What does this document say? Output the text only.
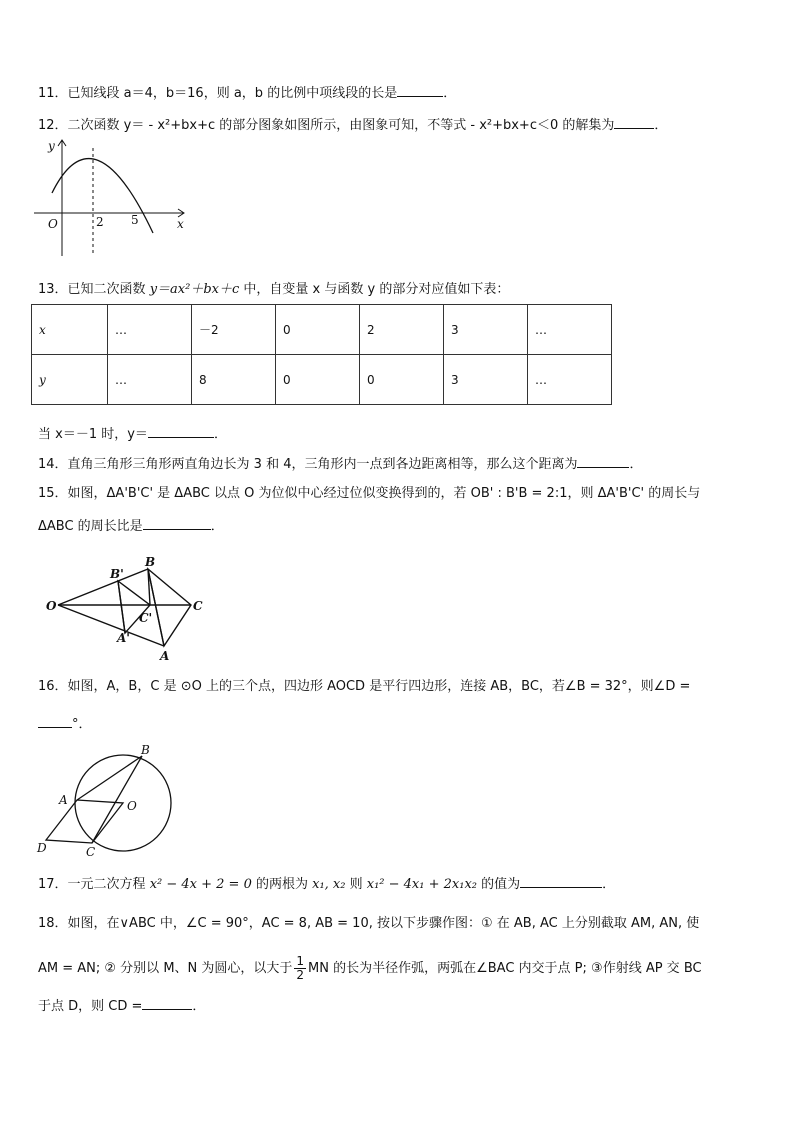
11．已知线段 a＝4，b＝16，则 a，b 的比例中项线段的长是	．
12．二次函数 y＝ - x²+bx+c 的部分图象如图所示，由图象可知，不等式 - x²+bx+c＜0 的解集为	．
y
x
O	2 5
13．已知二次函数 y＝ax²＋bx＋c 中，自变量 x 与函数 y 的部分对应值如下表：
x	…	－2	0	2	3	…
y	…	8	0	0	3	…
当 x＝－1 时，y＝	．
14．直角三角形三角形两直角边长为 3 和 4，三角形内一点到各边距离相等，那么这个距离为	．
15．如图，ΔA'B'C' 是 ΔABC 以点 O 为位似中心经过位似变换得到的，若 OB' : B'B = 2:1，则 ΔA'B'C' 的周长与
ΔABC 的周长比是	．
O
B'
B
C
C'
A'
A
16．如图，A，B，C 是 ⊙O 上的三个点，四边形 AOCD 是平行四边形，连接 AB，BC，若∠B = 32°，则∠D =
°．
B
A	O
D	C
17．一元二次方程 x² − 4x + 2 = 0 的两根为 x₁, x₂ 则 x₁² − 4x₁ + 2x₁x₂ 的值为	．
18．如图，在∨ABC 中，∠C = 90°，AC = 8, AB = 10, 按以下步骤作图：① 在 AB, AC 上分别截取 AM, AN, 使
AM = AN; ② 分别以 M、N 为圆心，以大于 $\frac{1}{2}$ MN 的长为半径作弧，两弧在∠BAC 内交于点 P; ③作射线 AP 交 BC
于点 D，则 CD =	．
